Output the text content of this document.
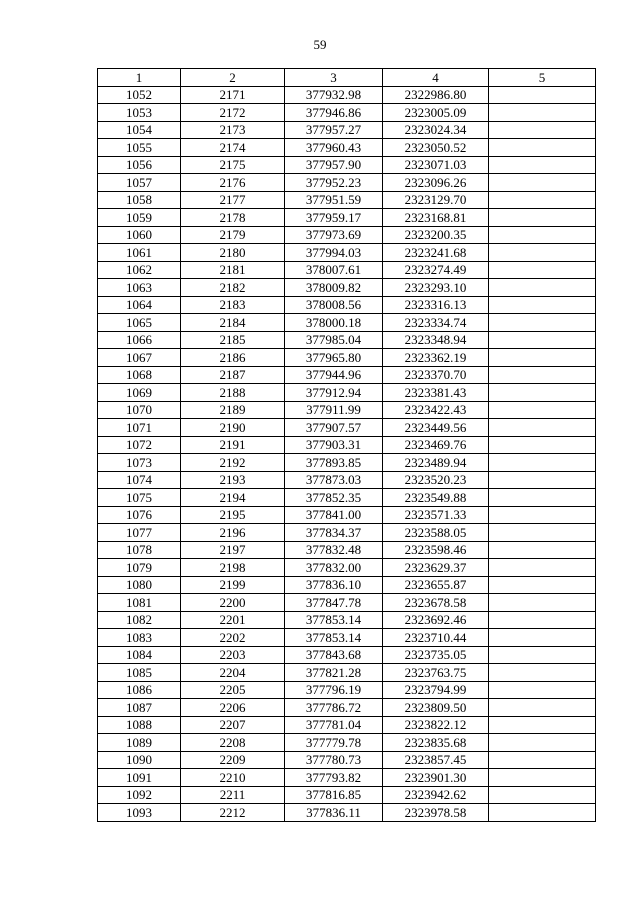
59
1	2	3	4	5
1052	2171	377932.98	2322986.80	
1053	2172	377946.86	2323005.09	
1054	2173	377957.27	2323024.34	
1055	2174	377960.43	2323050.52	
1056	2175	377957.90	2323071.03	
1057	2176	377952.23	2323096.26	
1058	2177	377951.59	2323129.70	
1059	2178	377959.17	2323168.81	
1060	2179	377973.69	2323200.35	
1061	2180	377994.03	2323241.68	
1062	2181	378007.61	2323274.49	
1063	2182	378009.82	2323293.10	
1064	2183	378008.56	2323316.13	
1065	2184	378000.18	2323334.74	
1066	2185	377985.04	2323348.94	
1067	2186	377965.80	2323362.19	
1068	2187	377944.96	2323370.70	
1069	2188	377912.94	2323381.43	
1070	2189	377911.99	2323422.43	
1071	2190	377907.57	2323449.56	
1072	2191	377903.31	2323469.76	
1073	2192	377893.85	2323489.94	
1074	2193	377873.03	2323520.23	
1075	2194	377852.35	2323549.88	
1076	2195	377841.00	2323571.33	
1077	2196	377834.37	2323588.05	
1078	2197	377832.48	2323598.46	
1079	2198	377832.00	2323629.37	
1080	2199	377836.10	2323655.87	
1081	2200	377847.78	2323678.58	
1082	2201	377853.14	2323692.46	
1083	2202	377853.14	2323710.44	
1084	2203	377843.68	2323735.05	
1085	2204	377821.28	2323763.75	
1086	2205	377796.19	2323794.99	
1087	2206	377786.72	2323809.50	
1088	2207	377781.04	2323822.12	
1089	2208	377779.78	2323835.68	
1090	2209	377780.73	2323857.45	
1091	2210	377793.82	2323901.30	
1092	2211	377816.85	2323942.62	
1093	2212	377836.11	2323978.58	
